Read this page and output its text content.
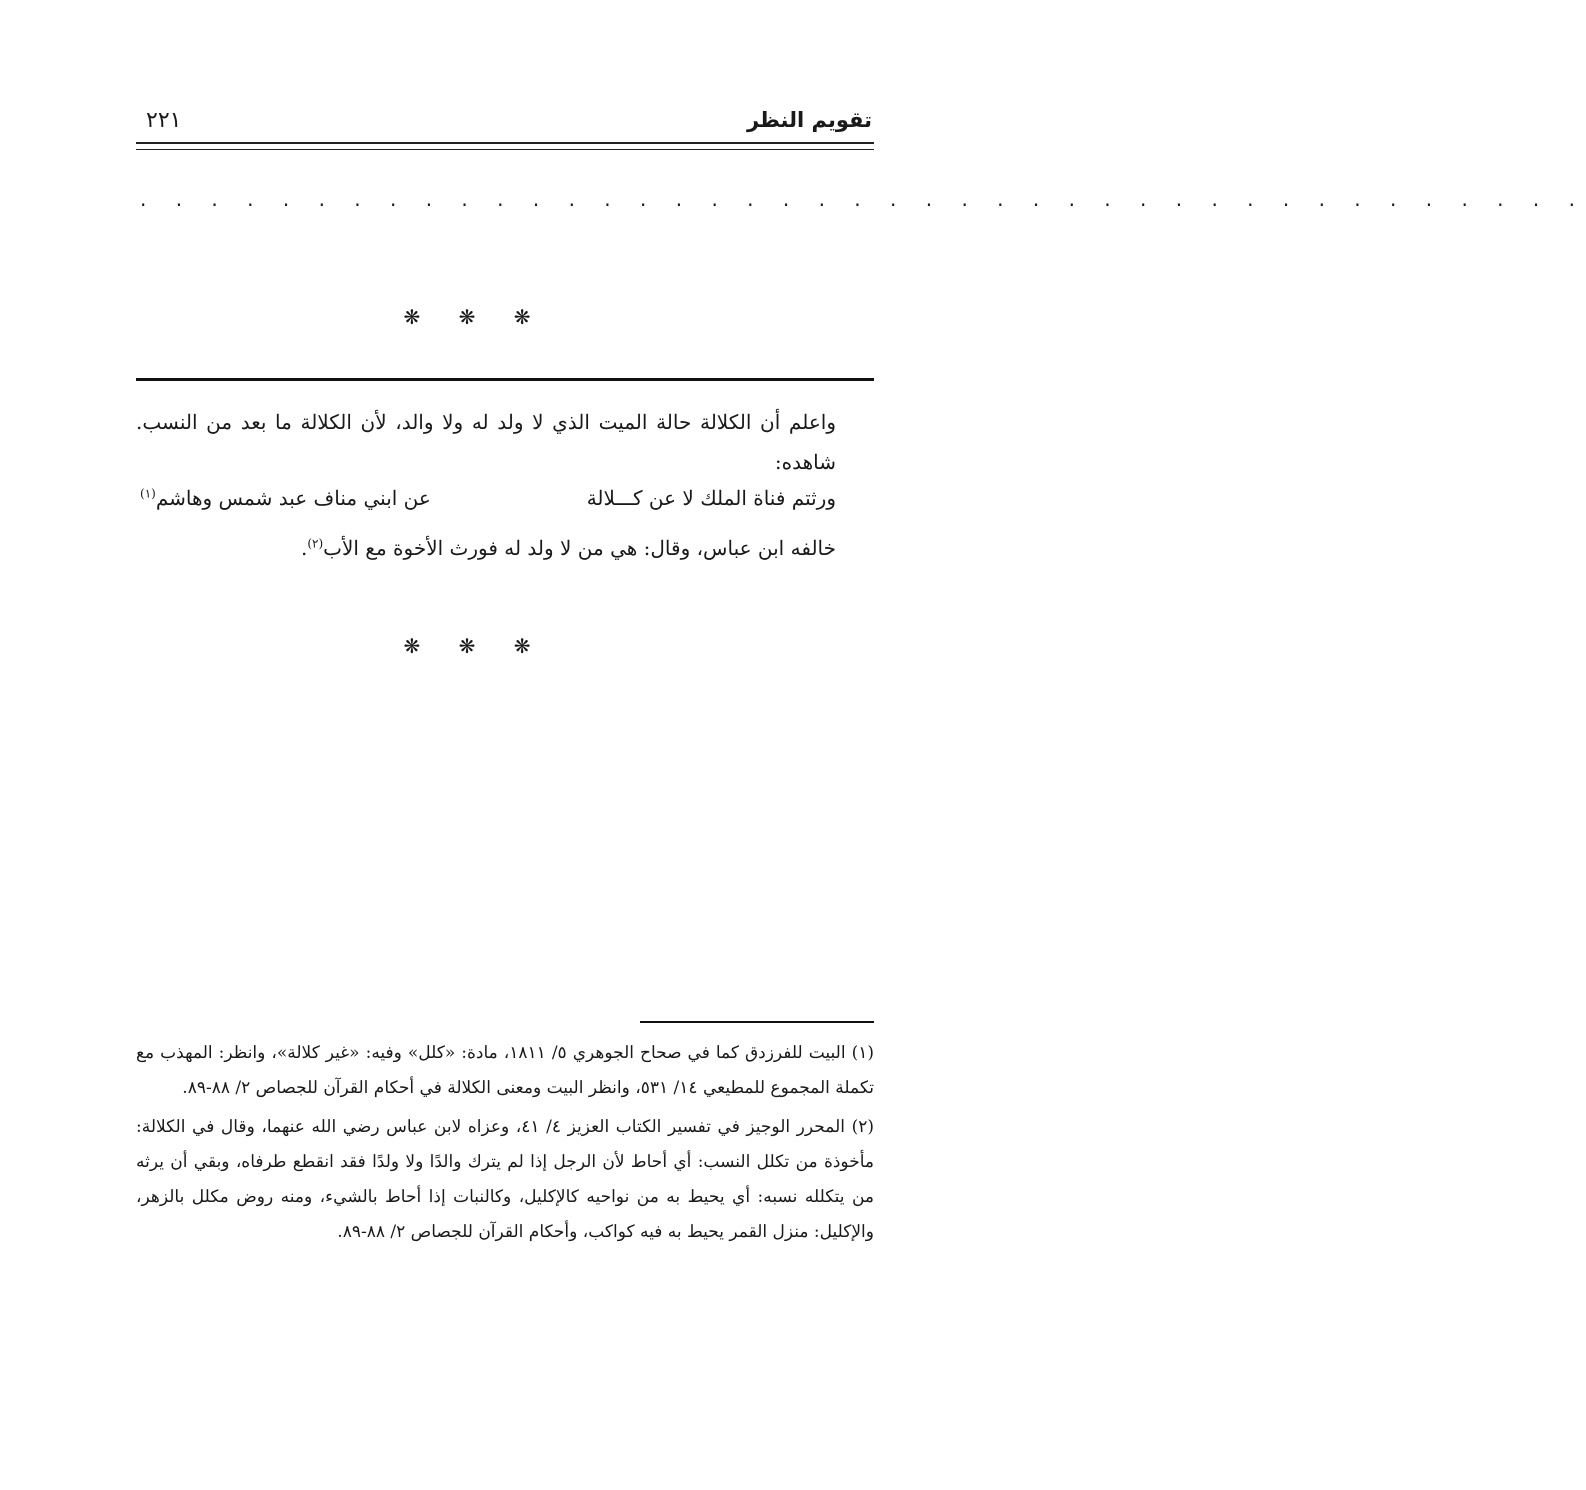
تقويم النظر
٢٢١
. . . . . . . . . . . . . . . . . . . . . . . . . . . . . . . . . . . . . . . . .
❋ ❋ ❋
واعلم أن الكلالة حالة الميت الذي لا ولد له ولا والد، لأن الكلالة ما بعد من النسب. شاهده:
ورثتم فناة الملك لا عن كـــلالة
عن ابني مناف عبد شمس وهاشم$^{(١)}$
خالفه ابن عباس، وقال: هي من لا ولد له فورث الأخوة مع الأب$^{(٢)}$.
❋ ❋ ❋

(١) البيت للفرزدق كما في صحاح الجوهري ٥/ ١٨١١، مادة: «كلل» وفيه: «غير كلالة»، وانظر: المهذب مع تكملة المجموع للمطيعي ١٤/ ٥٣١، وانظر البيت ومعنى الكلالة في أحكام القرآن للجصاص ٢/ ٨٨-٨٩.

(٢) المحرر الوجيز في تفسير الكتاب العزيز ٤/ ٤١، وعزاه لابن عباس رضي الله عنهما، وقال في الكلالة: مأخوذة من تكلل النسب: أي أحاط لأن الرجل إذا لم يترك والدًا ولا ولدًا فقد انقطع طرفاه، وبقي أن يرثه من يتكلله نسبه: أي يحيط به من نواحيه كالإكليل، وكالنبات إذا أحاط بالشيء، ومنه روض مكلل بالزهر، والإكليل: منزل القمر يحيط به فيه كواكب، وأحكام القرآن للجصاص ٢/ ٨٨-٨٩.
